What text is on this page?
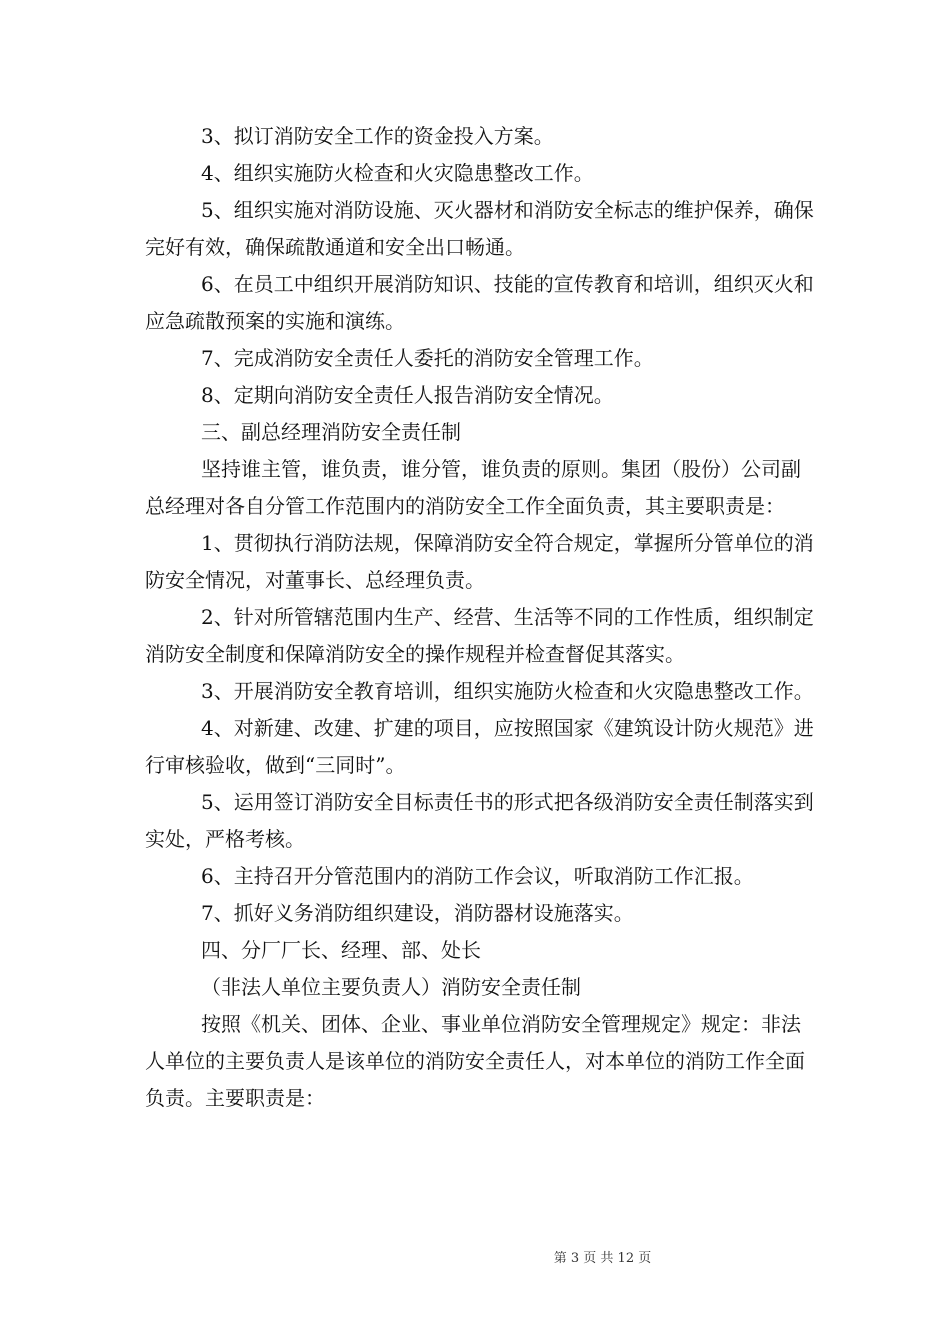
3、拟订消防安全工作的资金投入方案。

4、组织实施防火检查和火灾隐患整改工作。

5、组织实施对消防设施、灭火器材和消防安全标志的维护保养，确保完好有效，确保疏散通道和安全出口畅通。

6、在员工中组织开展消防知识、技能的宣传教育和培训，组织灭火和应急疏散预案的实施和演练。

7、完成消防安全责任人委托的消防安全管理工作。

8、定期向消防安全责任人报告消防安全情况。

三、副总经理消防安全责任制

坚持谁主管，谁负责，谁分管，谁负责的原则。集团（股份）公司副总经理对各自分管工作范围内的消防安全工作全面负责，其主要职责是：

1、贯彻执行消防法规，保障消防安全符合规定，掌握所分管单位的消防安全情况，对董事长、总经理负责。

2、针对所管辖范围内生产、经营、生活等不同的工作性质，组织制定消防安全制度和保障消防安全的操作规程并检查督促其落实。

3、开展消防安全教育培训，组织实施防火检查和火灾隐患整改工作。

4、对新建、改建、扩建的项目，应按照国家《建筑设计防火规范》进行审核验收，做到“三同时”。

5、运用签订消防安全目标责任书的形式把各级消防安全责任制落实到实处，严格考核。

6、主持召开分管范围内的消防工作会议，听取消防工作汇报。

7、抓好义务消防组织建设，消防器材设施落实。

四、分厂厂长、经理、部、处长

（非法人单位主要负责人）消防安全责任制

按照《机关、团体、企业、事业单位消防安全管理规定》规定：非法人单位的主要负责人是该单位的消防安全责任人，对本单位的消防工作全面负责。主要职责是：

第 3 页 共 12 页
